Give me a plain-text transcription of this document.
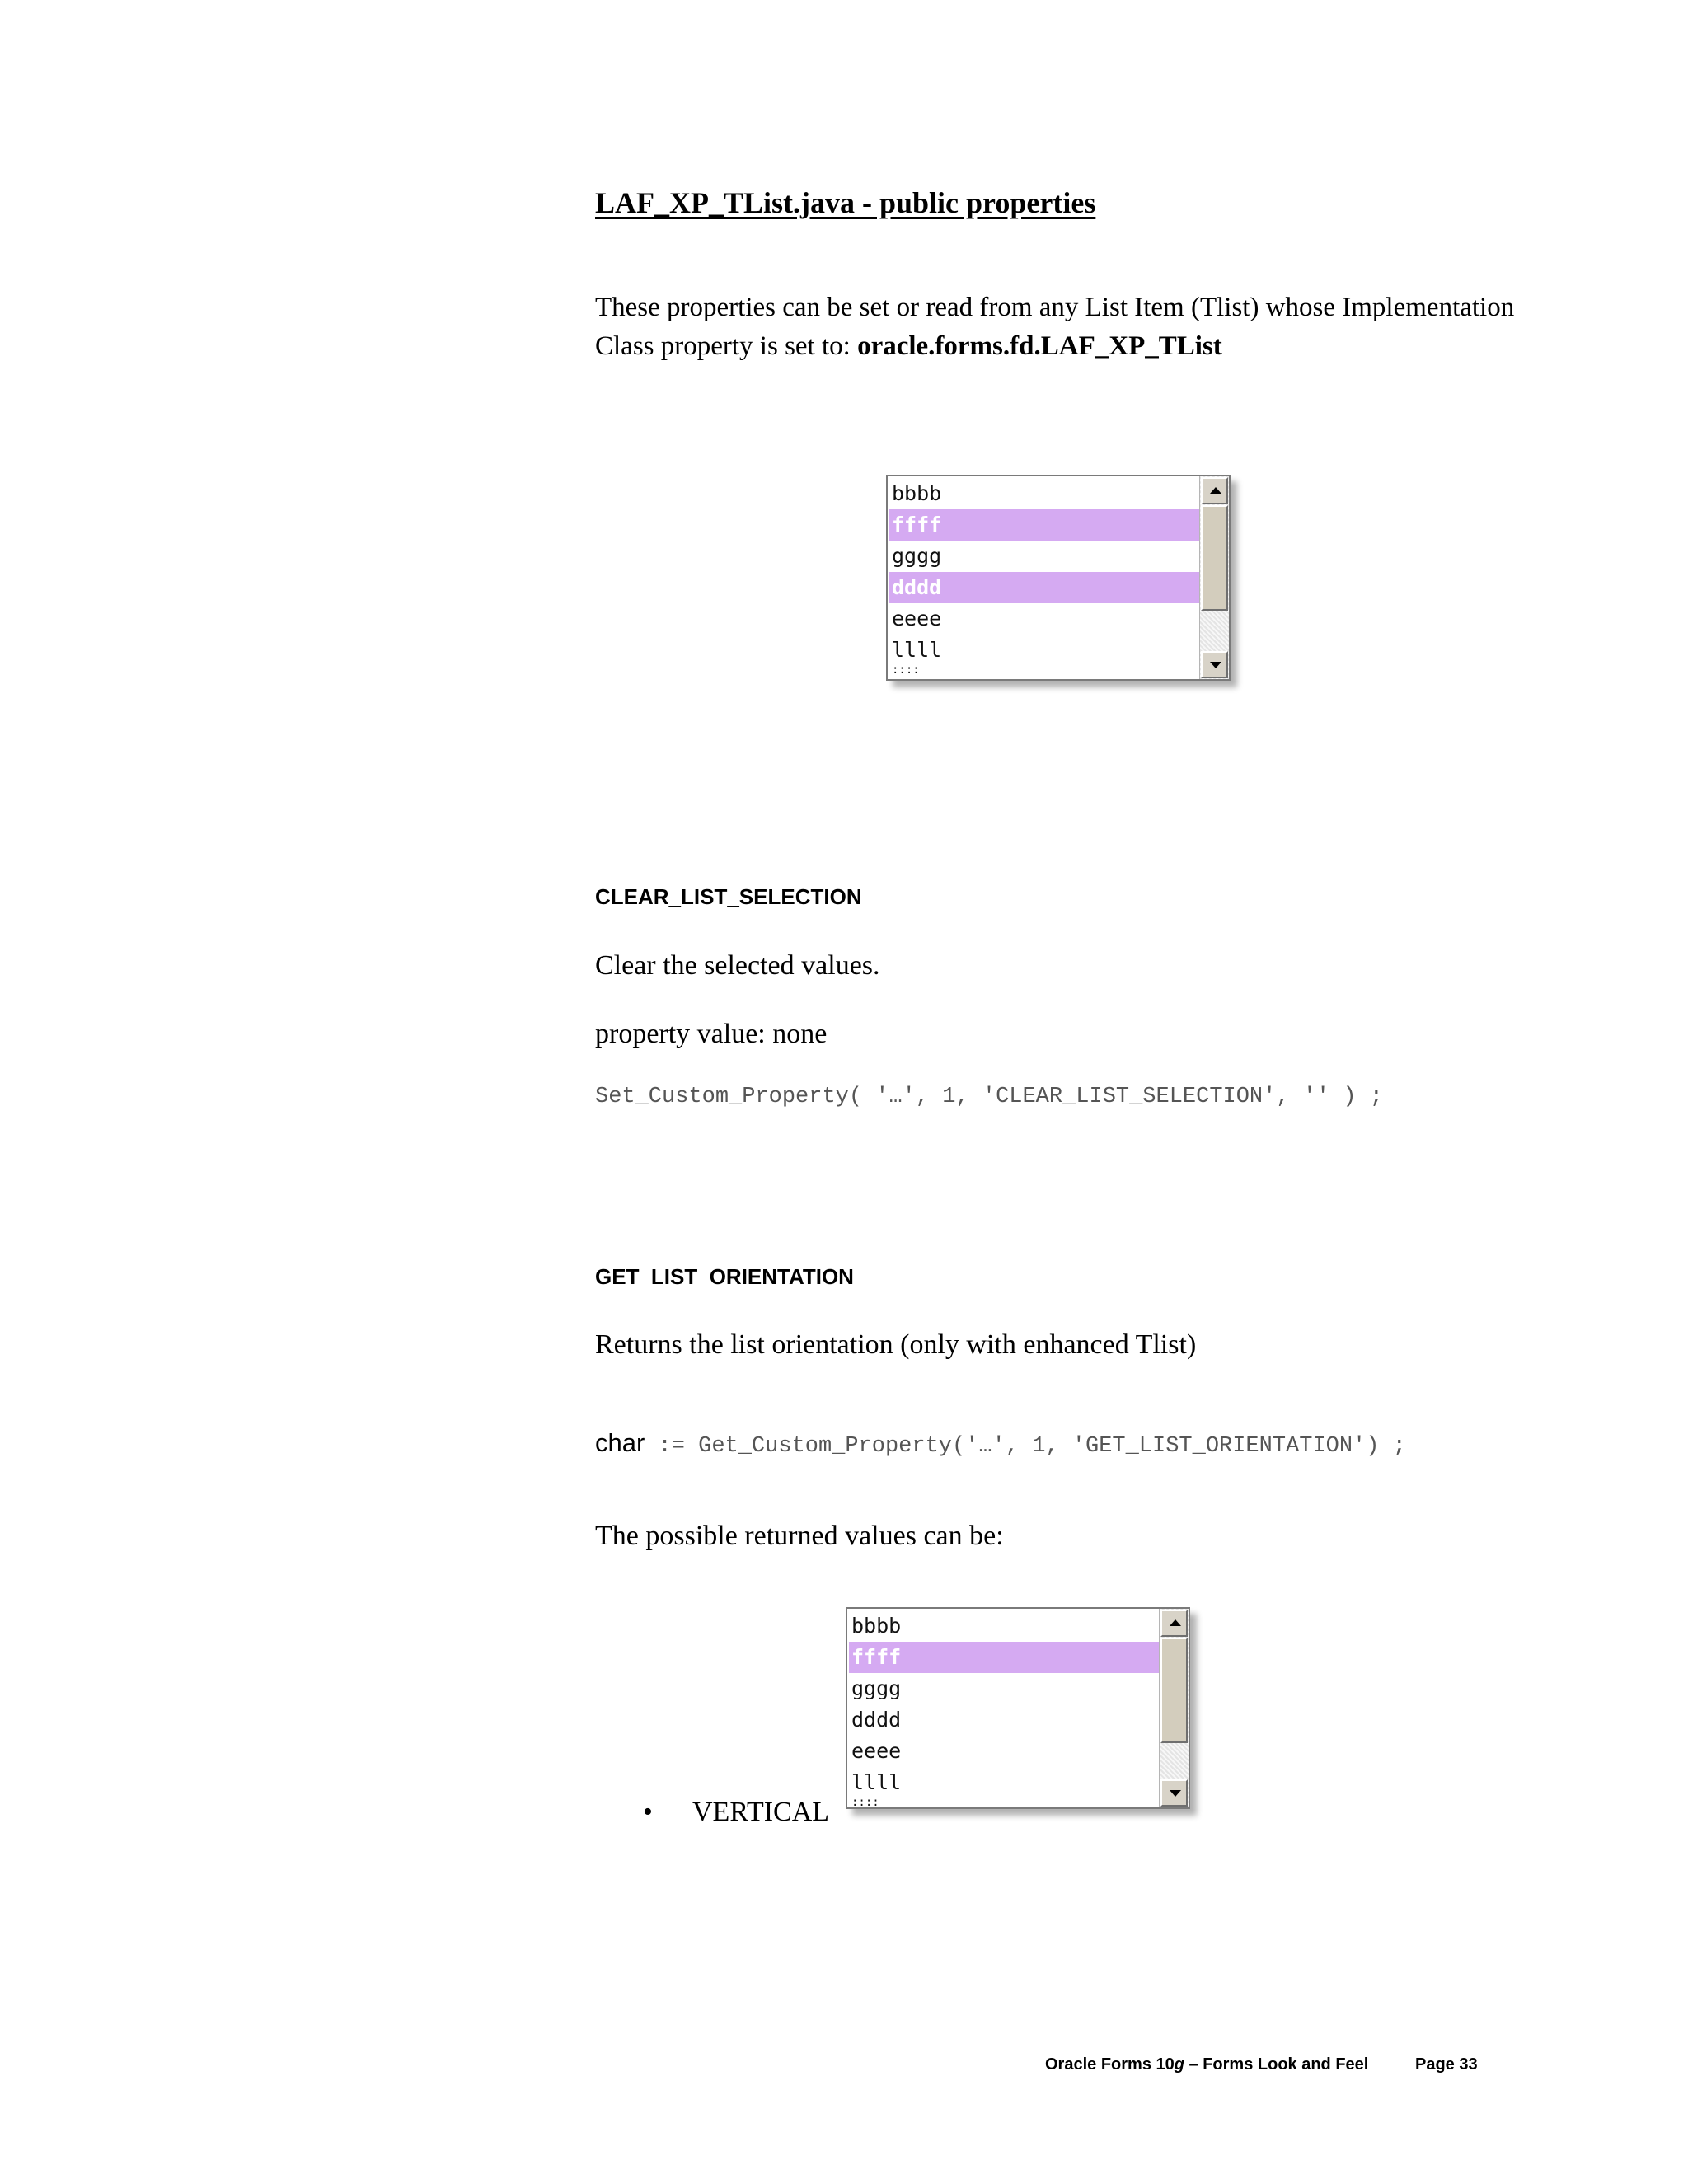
LAF_XP_TList.java - public properties
These properties can be set or read from any List Item (Tlist) whose Implementation Class property is set to: oracle.forms.fd.LAF_XP_TList
bbbb
ffff
gggg
dddd
eeee
llll
::::
CLEAR_LIST_SELECTION
Clear the selected values.
property value: none
Set_Custom_Property( '…', 1, 'CLEAR_LIST_SELECTION', '' ) ;
GET_LIST_ORIENTATION
Returns the list orientation (only with enhanced Tlist)
char := Get_Custom_Property('…', 1, 'GET_LIST_ORIENTATION') ;
The possible returned values can be:
bbbb
ffff
gggg
dddd
eeee
llll
::::
• VERTICAL
Oracle Forms 10g – Forms Look and Feel	Page 33
